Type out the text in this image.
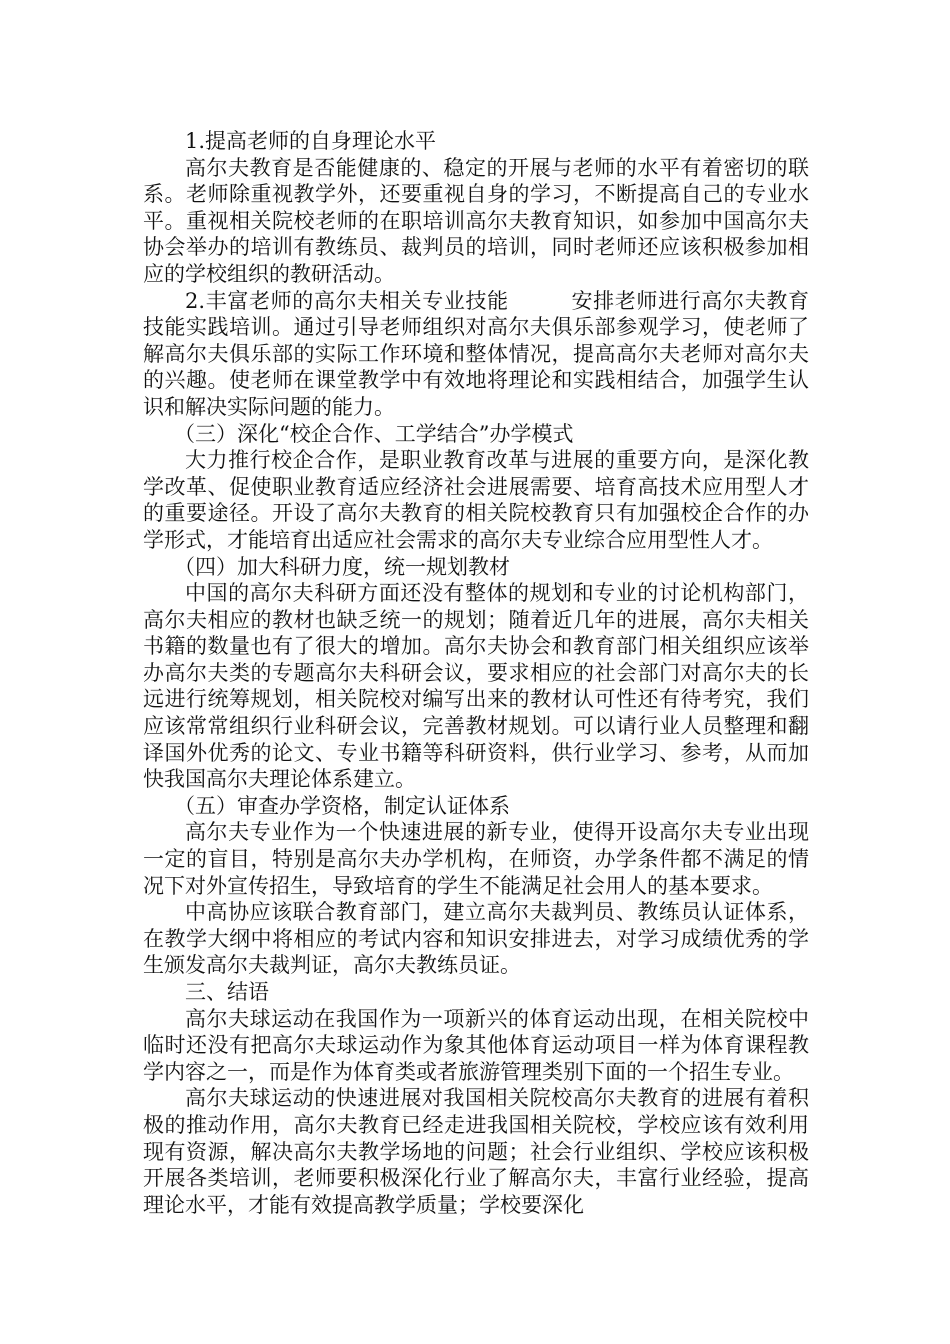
1.提高老师的自身理论水平

高尔夫教育是否能健康的、稳定的开展与老师的水平有着密切的联系。老师除重视教学外，还要重视自身的学习，不断提高自己的专业水平。重视相关院校老师的在职培训高尔夫教育知识，如参加中国高尔夫协会举办的培训有教练员、裁判员的培训，同时老师还应该积极参加相应的学校组织的教研活动。

2.丰富老师的高尔夫相关专业技能	安排老师进行高尔夫教育技能实践培训。通过引导老师组织对高尔夫俱乐部参观学习，使老师了解高尔夫俱乐部的实际工作环境和整体情况，提高高尔夫老师对高尔夫的兴趣。使老师在课堂教学中有效地将理论和实践相结合，加强学生认识和解决实际问题的能力。

（三）深化“校企合作、工学结合”办学模式

大力推行校企合作，是职业教育改革与进展的重要方向，是深化教学改革、促使职业教育适应经济社会进展需要、培育高技术应用型人才的重要途径。开设了高尔夫教育的相关院校教育只有加强校企合作的办学形式，才能培育出适应社会需求的高尔夫专业综合应用型性人才。

（四）加大科研力度，统一规划教材

中国的高尔夫科研方面还没有整体的规划和专业的讨论机构部门，高尔夫相应的教材也缺乏统一的规划；随着近几年的进展，高尔夫相关书籍的数量也有了很大的增加。高尔夫协会和教育部门相关组织应该举办高尔夫类的专题高尔夫科研会议，要求相应的社会部门对高尔夫的长远进行统筹规划，相关院校对编写出来的教材认可性还有待考究，我们应该常常组织行业科研会议，完善教材规划。可以请行业人员整理和翻译国外优秀的论文、专业书籍等科研资料，供行业学习、参考，从而加快我国高尔夫理论体系建立。

（五）审查办学资格，制定认证体系

高尔夫专业作为一个快速进展的新专业，使得开设高尔夫专业出现一定的盲目，特别是高尔夫办学机构，在师资，办学条件都不满足的情况下对外宣传招生，导致培育的学生不能满足社会用人的基本要求。

中高协应该联合教育部门，建立高尔夫裁判员、教练员认证体系，在教学大纲中将相应的考试内容和知识安排进去，对学习成绩优秀的学生颁发高尔夫裁判证，高尔夫教练员证。

三、结语

高尔夫球运动在我国作为一项新兴的体育运动出现，在相关院校中临时还没有把高尔夫球运动作为象其他体育运动项目一样为体育课程教学内容之一，而是作为体育类或者旅游管理类别下面的一个招生专业。

高尔夫球运动的快速进展对我国相关院校高尔夫教育的进展有着积极的推动作用，高尔夫教育已经走进我国相关院校，学校应该有效利用现有资源，解决高尔夫教学场地的问题；社会行业组织、学校应该积极开展各类培训，老师要积极深化行业了解高尔夫，丰富行业经验，提高理论水平，才能有效提高教学质量；学校要深化
